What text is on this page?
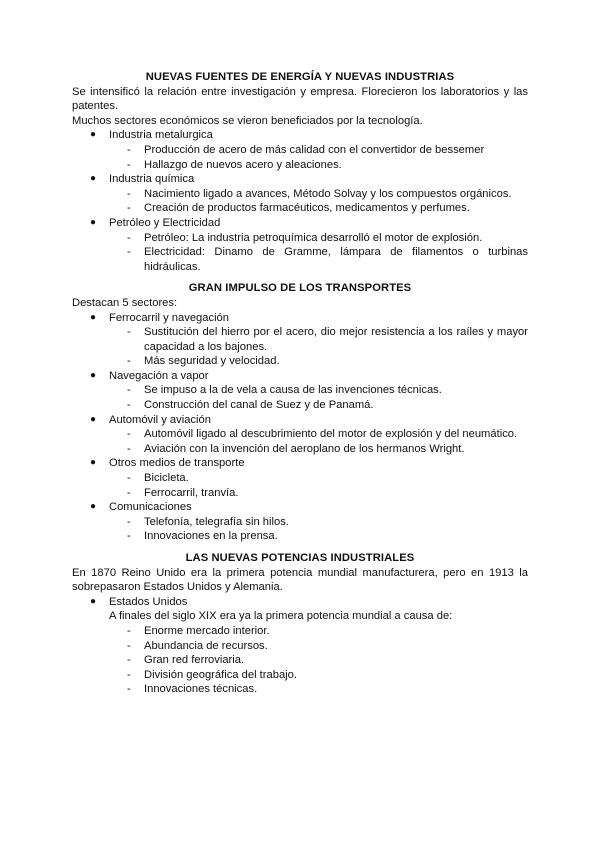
NUEVAS FUENTES DE ENERGÍA Y NUEVAS INDUSTRIAS

Se intensificó la relación entre investigación y empresa. Florecieron los laboratorios y las patentes.

Muchos sectores económicos se vieron beneficiados por la tecnología.

● Industria metalurgica
- Producción de acero de más calidad con el convertidor de bessemer
- Hallazgo de nuevos acero y aleaciones.
● Industria química
- Nacimiento ligado a avances, Método Solvay y los compuestos orgánicos.
- Creación de productos farmacéuticos, medicamentos y perfumes.
● Petróleo y Electricidad
- Petróleo: La industria petroquímica desarrolló el motor de explosión.
- Electricidad: Dinamo de Gramme, lámpara de filamentos o turbinas hidráulicas.
GRAN IMPULSO DE LOS TRANSPORTES

Destacan 5 sectores:

● Ferrocarril y navegación
- Sustitución del hierro por el acero, dio mejor resistencia a los raíles y mayor capacidad a los bajones.
- Más seguridad y velocidad.
● Navegación a vapor
- Se impuso a la de vela a causa de las invenciones técnicas.
- Construcción del canal de Suez y de Panamá.
● Automóvil y aviación
- Automóvil ligado al descubrimiento del motor de explosión y del neumático.
- Aviación con la invención del aeroplano de los hermanos Wright.
● Otros medios de transporte
- Bicicleta.
- Ferrocarril, tranvía.
● Comunicaciones
- Telefonía, telegrafía sin hilos.
- Innovaciones en la prensa.
LAS NUEVAS POTENCIAS INDUSTRIALES

En 1870 Reino Unido era la primera potencia mundial manufacturera, pero en 1913 la sobrepasaron Estados Unidos y Alemania.

● Estados Unidos

A finales del siglo XIX era ya la primera potencia mundial a causa de:

- Enorme mercado interior.
- Abundancia de recursos.
- Gran red ferroviaria.
- División geográfica del trabajo.
- Innovaciones técnicas.
